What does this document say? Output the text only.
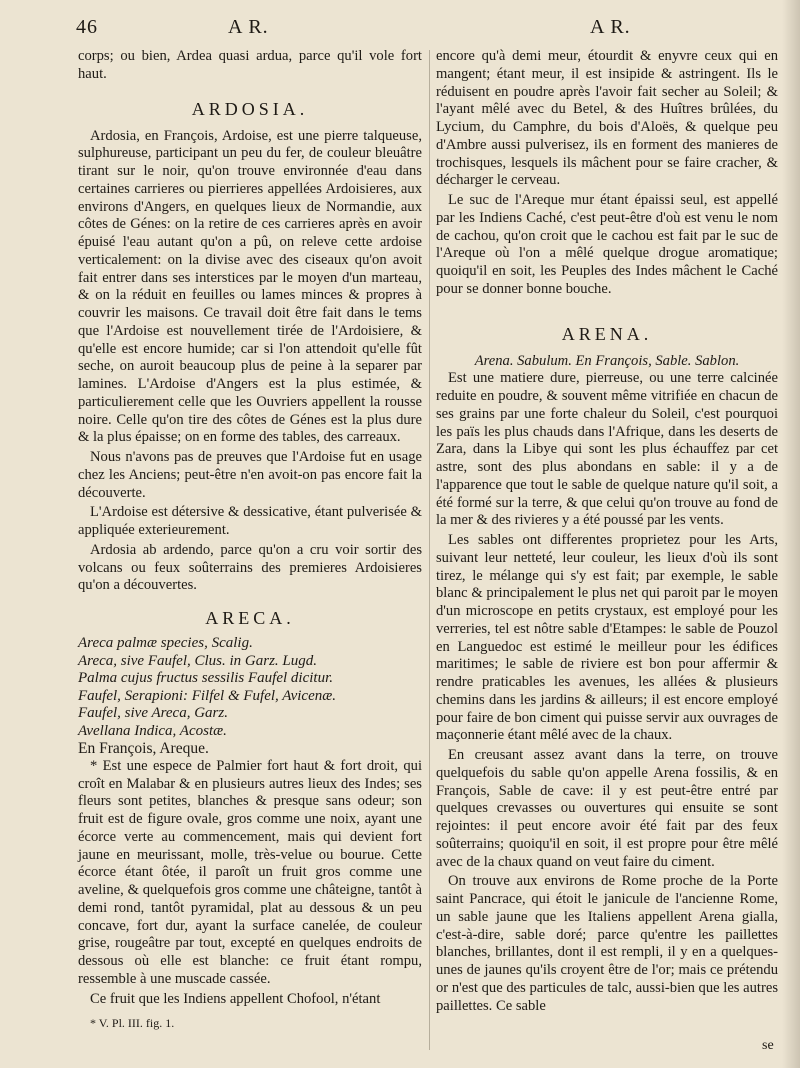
46	A R.	A R.

corps; ou bien, Ardea quasi ardua, parce qu'il vole fort haut.

ARDOSIA.

Ardosia, en François, Ardoise, est une pierre talqueuse, sulphureuse, participant un peu du fer, de couleur bleuâtre tirant sur le noir, qu'on trouve environnée d'eau dans certaines carrieres ou pierrieres appellées Ardoisieres, aux environs d'Angers, en quelques lieux de Normandie, aux côtes de Génes: on la retire de ces carrieres après en avoir épuisé l'eau autant qu'on a pû, on releve cette ardoise verticalement: on la divise avec des ciseaux qu'on avoit fait entrer dans ses interstices par le moyen d'un marteau, & on la réduit en feuilles ou lames minces & propres à couvrir les maisons. Ce travail doit être fait dans le tems que l'Ardoise est nouvellement tirée de l'Ardoisiere, & qu'elle est encore humide; car si l'on attendoit qu'elle fût seche, on auroit beaucoup plus de peine à la separer par lamines. L'Ardoise d'Angers est la plus estimée, & particulierement celle que les Ouvriers appellent la rousse noire. Celle qu'on tire des côtes de Génes est la plus dure & la plus épaisse; on en forme des tables, des carreaux.

Nous n'avons pas de preuves que l'Ardoise fut en usage chez les Anciens; peut-être n'en avoit-on pas encore fait la découverte.

L'Ardoise est détersive & dessicative, étant pulverisée & appliquée exterieurement.

Ardosia ab ardendo, parce qu'on a cru voir sortir des volcans ou feux soûterrains des premieres Ardoisieres qu'on a découvertes.

ARECA.

Areca palmæ species, Scalig.

Areca, sive Faufel, Clus. in Garz. Lugd.

Palma cujus fructus sessilis Faufel dicitur.

Faufel, Serapioni: Filfel & Fufel, Avicenæ.

Faufel, sive Areca, Garz.

Avellana Indica, Acostæ.

En François, Areque.

* Est une espece de Palmier fort haut & fort droit, qui croît en Malabar & en plusieurs autres lieux des Indes; ses fleurs sont petites, blanches & presque sans odeur; son fruit est de figure ovale, gros comme une noix, ayant une écorce verte au commencement, mais qui devient fort jaune en meurissant, molle, très-velue ou bourue. Cette écorce étant ôtée, il paroît un fruit gros comme une aveline, & quelquefois gros comme une châteigne, tantôt à demi rond, tantôt pyramidal, plat au dessous & un peu concave, fort dur, ayant la surface canelée, de couleur grise, rougeâtre par tout, excepté en quelques endroits de dessous où elle est blanche: ce fruit étant rompu, ressemble à une muscade cassée.

Ce fruit que les Indiens appellent Chofool, n'étant

encore qu'à demi meur, étourdit & enyvre ceux qui en mangent; étant meur, il est insipide & astringent. Ils le réduisent en poudre après l'avoir fait secher au Soleil; & l'ayant mêlé avec du Betel, & des Huîtres brûlées, du Lycium, du Camphre, du bois d'Aloës, & quelque peu d'Ambre aussi pulverisez, ils en forment des manieres de trochisques, lesquels ils mâchent pour se faire cracher, & décharger le cerveau.

Le suc de l'Areque mur étant épaissi seul, est appellé par les Indiens Caché, c'est peut-être d'où est venu le nom de cachou, qu'on croit que le cachou est fait par le suc de l'Areque où l'on a mêlé quelque drogue aromatique; quoiqu'il en soit, les Peuples des Indes mâchent le Caché pour se donner bonne bouche.

ARENA.

Arena. Sabulum. En François, Sable. Sablon.

Est une matiere dure, pierreuse, ou une terre calcinée reduite en poudre, & souvent même vitrifiée en chacun de ses grains par une forte chaleur du Soleil, c'est pourquoi les païs les plus chauds dans l'Afrique, dans les deserts de Zara, dans la Libye qui sont les plus échauffez par cet astre, sont des plus abondans en sable: il y a de l'apparence que tout le sable de quelque nature qu'il soit, a été formé sur la terre, & que celui qu'on trouve au fond de la mer & des rivieres y a été poussé par les vents.

Les sables ont differentes proprietez pour les Arts, suivant leur netteté, leur couleur, les lieux d'où ils sont tirez, le mélange qui s'y est fait; par exemple, le sable blanc & principalement le plus net qui paroit par le moyen d'un microscope en petits crystaux, est employé pour les verreries, tel est nôtre sable d'Etampes: le sable de Pouzol en Languedoc est estimé le meilleur pour les édifices maritimes; le sable de riviere est bon pour affermir & rendre praticables les avenues, les allées & plusieurs chemins dans les jardins & ailleurs; il est encore employé pour faire de bon ciment qui puisse servir aux ouvrages de maçonnerie étant mêlé avec de la chaux.

En creusant assez avant dans la terre, on trouve quelquefois du sable qu'on appelle Arena fossilis, & en François, Sable de cave: il y est peut-être entré par quelques crevasses ou ouvertures qui ensuite se sont rejointes: il peut encore avoir été fait par des feux soûterrains; quoiqu'il en soit, il est propre pour être mêlé avec de la chaux quand on veut faire du ciment.

On trouve aux environs de Rome proche de la Porte saint Pancrace, qui étoit le janicule de l'ancienne Rome, un sable jaune que les Italiens appellent Arena gialla, c'est-à-dire, sable doré; parce qu'entre les paillettes blanches, brillantes, dont il est rempli, il y en a quelques-unes de jaunes qu'ils croyent être de l'or; mais ce prétendu or n'est que des particules de talc, aussi-bien que les autres paillettes. Ce sable

* V. Pl. III. fig. 1.
se
